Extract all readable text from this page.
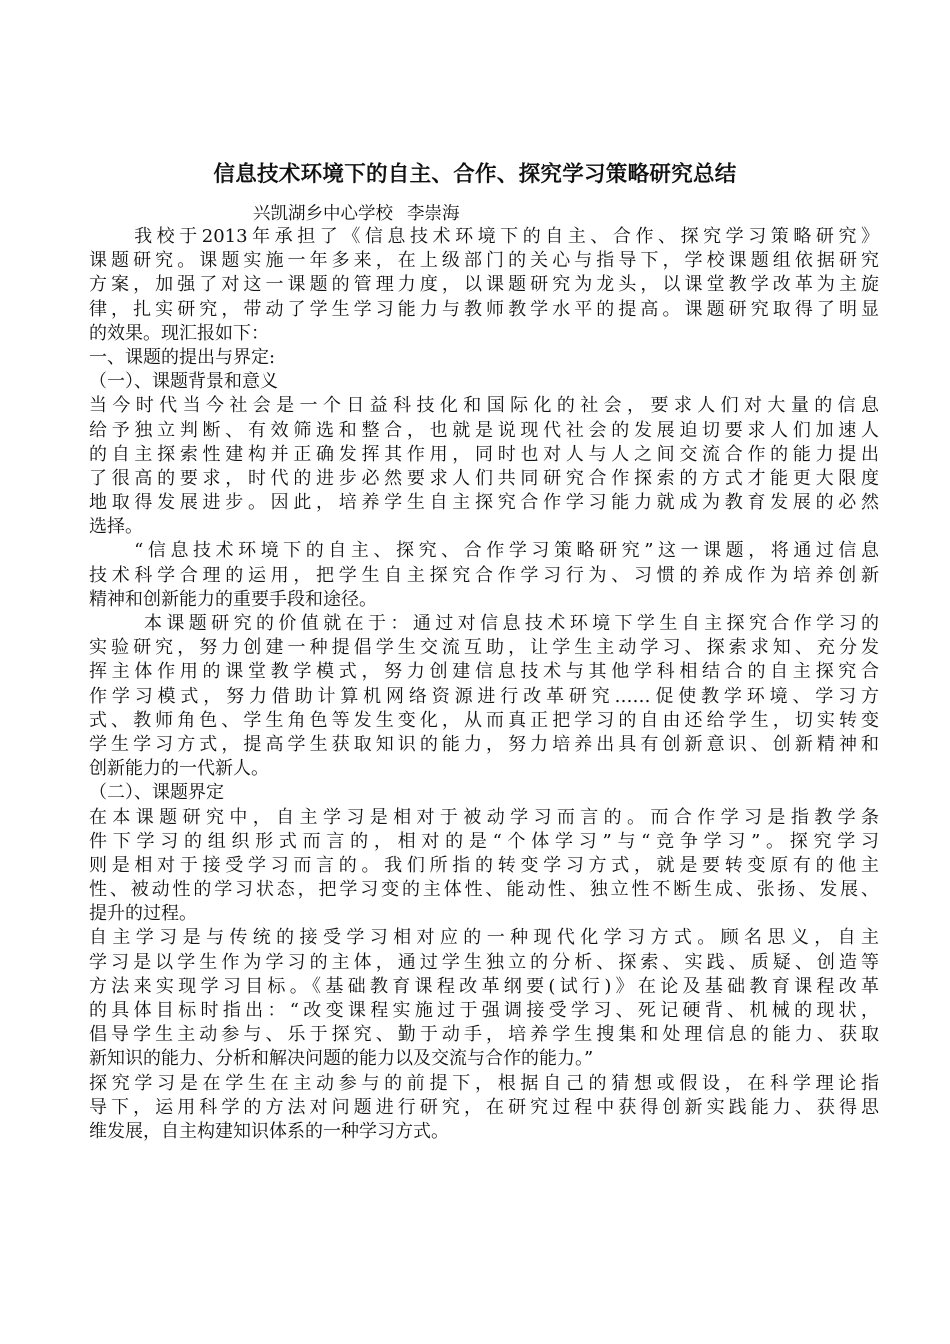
信息技术环境下的自主、合作、探究学习策略研究总结
兴凯湖乡中心学校 李崇海
　　我校于2013年承担了《信息技术环境下的自主、合作、探究学习策略研究》
课题研究。课题实施一年多来，在上级部门的关心与指导下，学校课题组依据研究
方案，加强了对这一课题的管理力度，以课题研究为龙头，以课堂教学改革为主旋
律，扎实研究，带动了学生学习能力与教师教学水平的提高。课题研究取得了明显
的效果。现汇报如下：
一、课题的提出与界定:
（一）、课题背景和意义
当今时代当今社会是一个日益科技化和国际化的社会，要求人们对大量的信息
给予独立判断、有效筛选和整合，也就是说现代社会的发展迫切要求人们加速人
的自主探索性建构并正确发挥其作用，同时也对人与人之间交流合作的能力提出
了很高的要求，时代的进步必然要求人们共同研究合作探索的方式才能更大限度
地取得发展进步。因此，培养学生自主探究合作学习能力就成为教育发展的必然
选择。
　　“信息技术环境下的自主、探究、合作学习策略研究”这一课题，将通过信息
技术科学合理的运用，把学生自主探究合作学习行为、习惯的养成作为培养创新
精神和创新能力的重要手段和途径。
　　 本课题研究的价值就在于：通过对信息技术环境下学生自主探究合作学习的
实验研究，努力创建一种提倡学生交流互助，让学生主动学习、探索求知、充分发
挥主体作用的课堂教学模式，努力创建信息技术与其他学科相结合的自主探究合
作学习模式，努力借助计算机网络资源进行改革研究……促使教学环境、学习方
式、教师角色、学生角色等发生变化，从而真正把学习的自由还给学生，切实转变
学生学习方式，提高学生获取知识的能力，努力培养出具有创新意识、创新精神和
创新能力的一代新人。
（二）、课题界定
在本课题研究中，自主学习是相对于被动学习而言的。而合作学习是指教学条
件下学习的组织形式而言的，相对的是“个体学习”与“竞争学习”。探究学习
则是相对于接受学习而言的。我们所指的转变学习方式，就是要转变原有的他主
性、被动性的学习状态，把学习变的主体性、能动性、独立性不断生成、张扬、发展、
提升的过程。
自主学习是与传统的接受学习相对应的一种现代化学习方式。顾名思义，自主
学习是以学生作为学习的主体，通过学生独立的分析、探索、实践、质疑、创造等
方法来实现学习目标。《基础教育课程改革纲要(试行)》在论及基础教育课程改革
的具体目标时指出：“改变课程实施过于强调接受学习、死记硬背、机械的现状，
倡导学生主动参与、乐于探究、勤于动手，培养学生搜集和处理信息的能力、获取
新知识的能力、分析和解决问题的能力以及交流与合作的能力。”
探究学习是在学生在主动参与的前提下，根据自己的猜想或假设，在科学理论指
导下，运用科学的方法对问题进行研究，在研究过程中获得创新实践能力、获得思
维发展，自主构建知识体系的一种学习方式。
